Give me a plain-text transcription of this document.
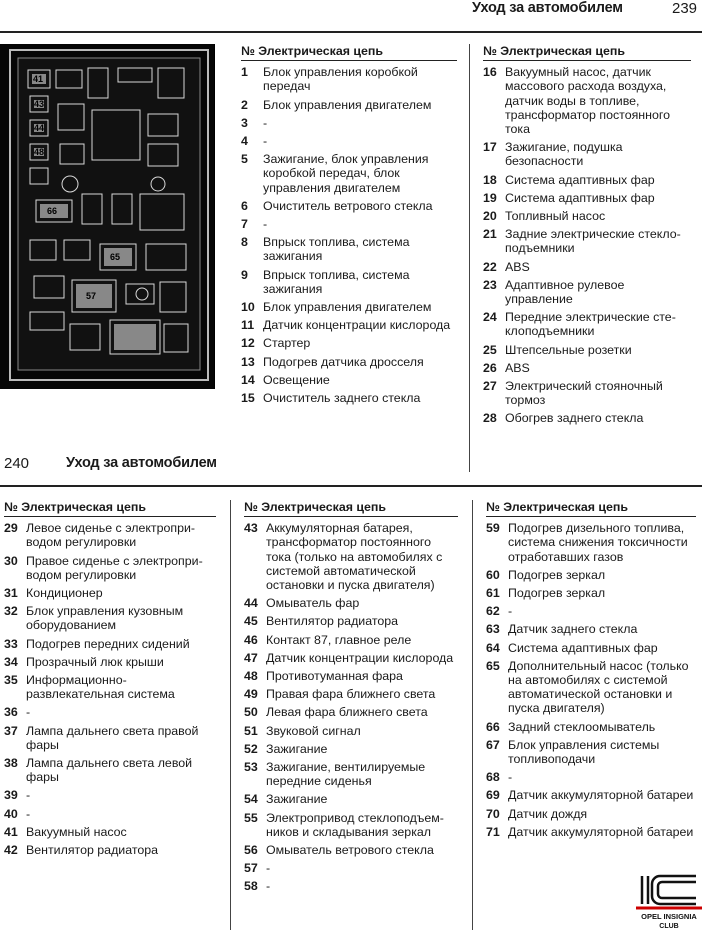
Уход за автомобилем	239
41
43
44
48
66
65
57
№ Электрическая цепь
1	Блок управления коробкой передач
2	Блок управления двигателем
3	-
4	-
5	Зажигание, блок управления коробкой передач, блок управления двигателем
6	Очиститель ветрового стекла
7	-
8	Впрыск топлива, система зажигания
9	Впрыск топлива, система зажигания
10 Блок управления двигателем
11 Датчик концентрации кислорода
12 Стартер
13 Подогрев датчика дросселя
14 Освещение
15 Очиститель заднего стекла
№ Электрическая цепь
16 Вакуумный насос, датчик массового расхода воздуха, датчик воды в топливе, трансформатор постоянного тока
17 Зажигание, подушка безопасности
18 Система адаптивных фар
19 Система адаптивных фар
20 Топливный насос
21 Задние электрические стекло-подъемники
22 ABS
23 Адаптивное рулевое управление
24 Передние электрические сте-клоподъемники
25 Штепсельные розетки
26 ABS
27 Электрический стояночный тормоз
28 Обогрев заднего стекла
240	Уход за автомобилем
№ Электрическая цепь
29 Левое сиденье с электропри-водом регулировки
30 Правое сиденье с электропри-водом регулировки
31 Кондиционер
32 Блок управления кузовным оборудованием
33 Подогрев передних сидений
34 Прозрачный люк крыши
35 Информационно-развлекательная система
36 -
37 Лампа дальнего света правой фары
38 Лампа дальнего света левой фары
39 -
40 -
41 Вакуумный насос
42 Вентилятор радиатора
№ Электрическая цепь
43 Аккумуляторная батарея, трансформатор постоянного тока (только на автомобилях с системой автоматической остановки и пуска двигателя)
44 Омыватель фар
45 Вентилятор радиатора
46 Контакт 87, главное реле
47 Датчик концентрации кислорода
48 Противотуманная фара
49 Правая фара ближнего света
50 Левая фара ближнего света
51 Звуковой сигнал
52 Зажигание
53 Зажигание, вентилируемые передние сиденья
54 Зажигание
55 Электропривод стеклоподъем-ников и складывания зеркал
56 Омыватель ветрового стекла
57 -
58 -
№ Электрическая цепь
59 Подогрев дизельного топлива, система снижения токсичности отработавших газов
60 Подогрев зеркал
61 Подогрев зеркал
62 -
63 Датчик заднего стекла
64 Система адаптивных фар
65 Дополнительный насос (только на автомобилях с системой автоматической остановки и пуска двигателя)
66 Задний стеклоомыватель
67 Блок управления системы топливоподачи
68 -
69 Датчик аккумуляторной батареи
70 Датчик дождя
71 Датчик аккумуляторной батареи
OPEL INSIGNIA
CLUB
